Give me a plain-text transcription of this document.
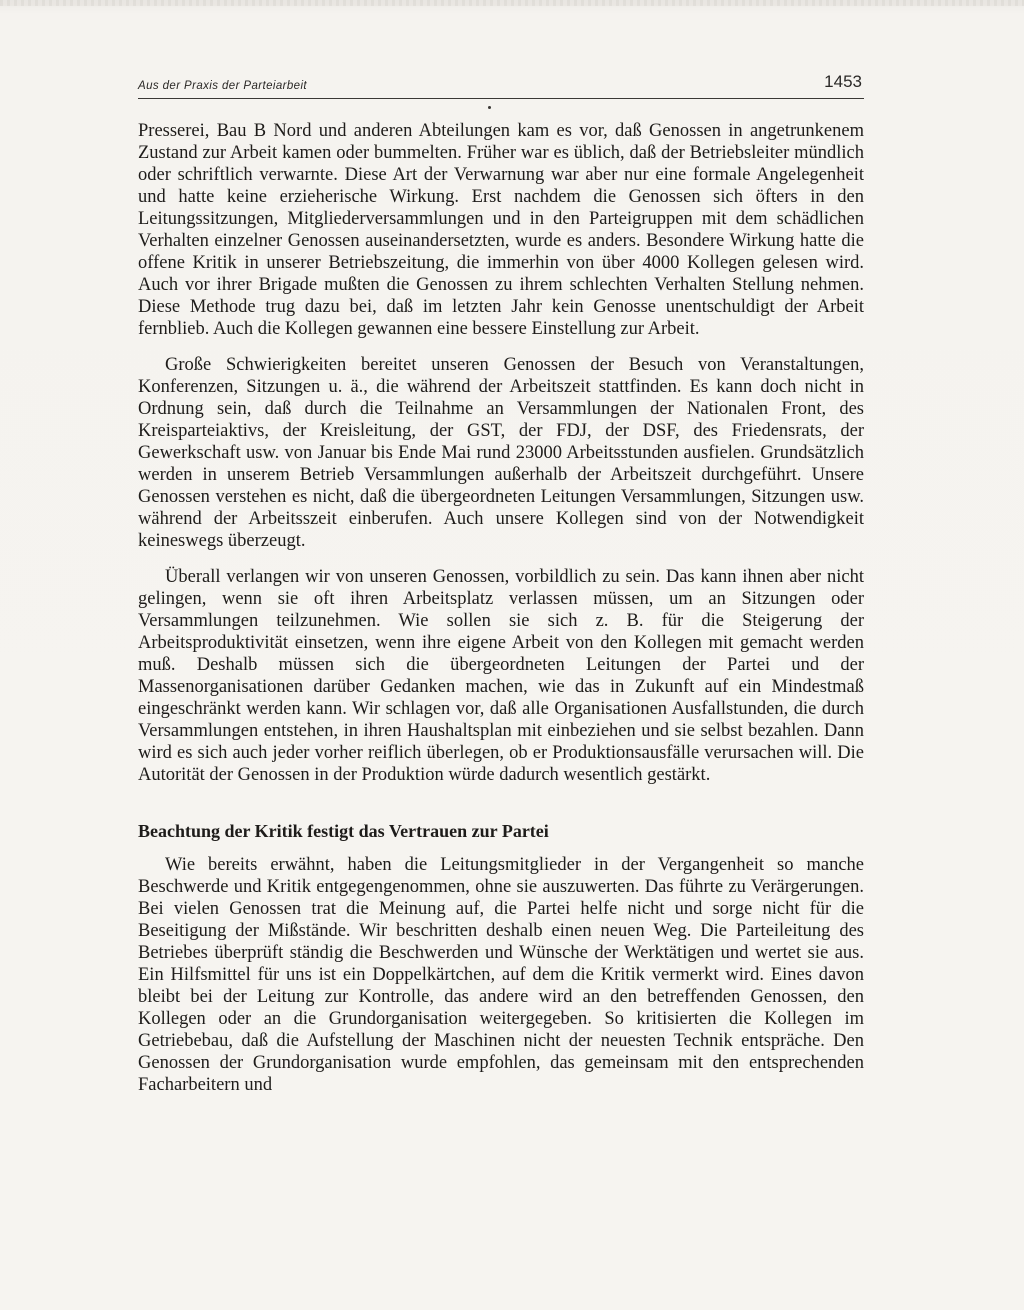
Aus der Praxis der Parteiarbeit	1453

Presserei, Bau B Nord und anderen Abteilungen kam es vor, daß Genossen in angetrunkenem Zustand zur Arbeit kamen oder bummelten. Früher war es üblich, daß der Betriebsleiter mündlich oder schriftlich verwarnte. Diese Art der Verwarnung war aber nur eine formale Angelegenheit und hatte keine erzieherische Wirkung. Erst nachdem die Genossen sich öfters in den Leitungssitzungen, Mitgliederversammlungen und in den Parteigruppen mit dem schädlichen Verhalten einzelner Genossen auseinandersetzten, wurde es anders. Besondere Wirkung hatte die offene Kritik in unserer Betriebszeitung, die immerhin von über 4000 Kollegen gelesen wird. Auch vor ihrer Brigade mußten die Genossen zu ihrem schlechten Verhalten Stellung nehmen. Diese Methode trug dazu bei, daß im letzten Jahr kein Genosse unentschuldigt der Arbeit fernblieb. Auch die Kollegen gewannen eine bessere Einstellung zur Arbeit.

Große Schwierigkeiten bereitet unseren Genossen der Besuch von Veranstaltungen, Konferenzen, Sitzungen u. ä., die während der Arbeitszeit stattfinden. Es kann doch nicht in Ordnung sein, daß durch die Teilnahme an Versammlungen der Nationalen Front, des Kreisparteiaktivs, der Kreisleitung, der GST, der FDJ, der DSF, des Friedensrats, der Gewerkschaft usw. von Januar bis Ende Mai rund 23000 Arbeitsstunden ausfielen. Grundsätzlich werden in unserem Betrieb Versammlungen außerhalb der Arbeitszeit durchgeführt. Unsere Genossen verstehen es nicht, daß die übergeordneten Leitungen Versammlungen, Sitzungen usw. während der Arbeitsszeit einberufen. Auch unsere Kollegen sind von der Notwendigkeit keineswegs überzeugt.

Überall verlangen wir von unseren Genossen, vorbildlich zu sein. Das kann ihnen aber nicht gelingen, wenn sie oft ihren Arbeitsplatz verlassen müssen, um an Sitzungen oder Versammlungen teilzunehmen. Wie sollen sie sich z. B. für die Steigerung der Arbeitsproduktivität einsetzen, wenn ihre eigene Arbeit von den Kollegen mit gemacht werden muß. Deshalb müssen sich die übergeordneten Leitungen der Partei und der Massenorganisationen darüber Gedanken machen, wie das in Zukunft auf ein Mindestmaß eingeschränkt werden kann. Wir schlagen vor, daß alle Organisationen Ausfallstunden, die durch Versammlungen entstehen, in ihren Haushaltsplan mit einbeziehen und sie selbst bezahlen. Dann wird es sich auch jeder vorher reiflich überlegen, ob er Produktionsausfälle verursachen will. Die Autorität der Genossen in der Produktion würde dadurch wesentlich gestärkt.

Beachtung der Kritik festigt das Vertrauen zur Partei

Wie bereits erwähnt, haben die Leitungsmitglieder in der Vergangenheit so manche Beschwerde und Kritik entgegengenommen, ohne sie auszuwerten. Das führte zu Verärgerungen. Bei vielen Genossen trat die Meinung auf, die Partei helfe nicht und sorge nicht für die Beseitigung der Mißstände. Wir beschritten deshalb einen neuen Weg. Die Parteileitung des Betriebes überprüft ständig die Beschwerden und Wünsche der Werktätigen und wertet sie aus. Ein Hilfsmittel für uns ist ein Doppelkärtchen, auf dem die Kritik vermerkt wird. Eines davon bleibt bei der Leitung zur Kontrolle, das andere wird an den betreffenden Genossen, den Kollegen oder an die Grundorganisation weitergegeben. So kritisierten die Kollegen im Getriebebau, daß die Aufstellung der Maschinen nicht der neuesten Technik entspräche. Den Genossen der Grundorganisation wurde empfohlen, das gemeinsam mit den entsprechenden Facharbeitern und
